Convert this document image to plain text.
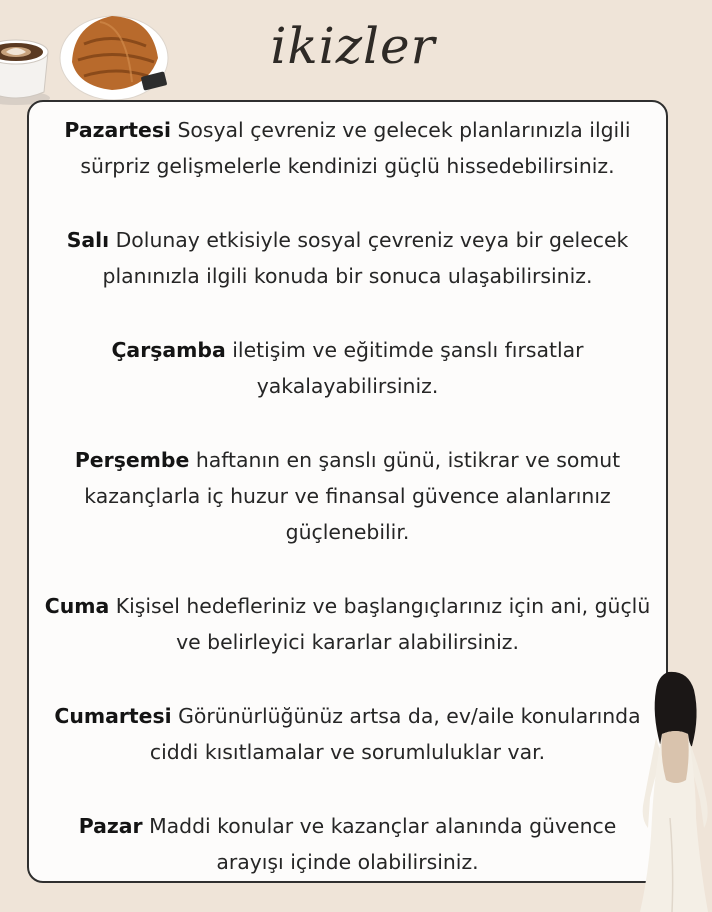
ikizler

Pazartesi Sosyal çevreniz ve gelecek planlarınızla ilgili sürpriz gelişmelerle kendinizi güçlü hissedebilirsiniz.

Salı Dolunay etkisiyle sosyal çevreniz veya bir gelecek planınızla ilgili konuda bir sonuca ulaşabilirsiniz.

Çarşamba iletişim ve eğitimde şanslı fırsatlar yakalayabilirsiniz.

Perşembe haftanın en şanslı günü, istikrar ve somut kazançlarla iç huzur ve finansal güvence alanlarınız güçlenebilir.

Cuma Kişisel hedefleriniz ve başlangıçlarınız için ani, güçlü ve belirleyici kararlar alabilirsiniz.

Cumartesi Görünürlüğünüz artsa da, ev/aile konularında ciddi kısıtlamalar ve sorumluluklar var.

Pazar Maddi konular ve kazançlar alanında güvence arayışı içinde olabilirsiniz.
